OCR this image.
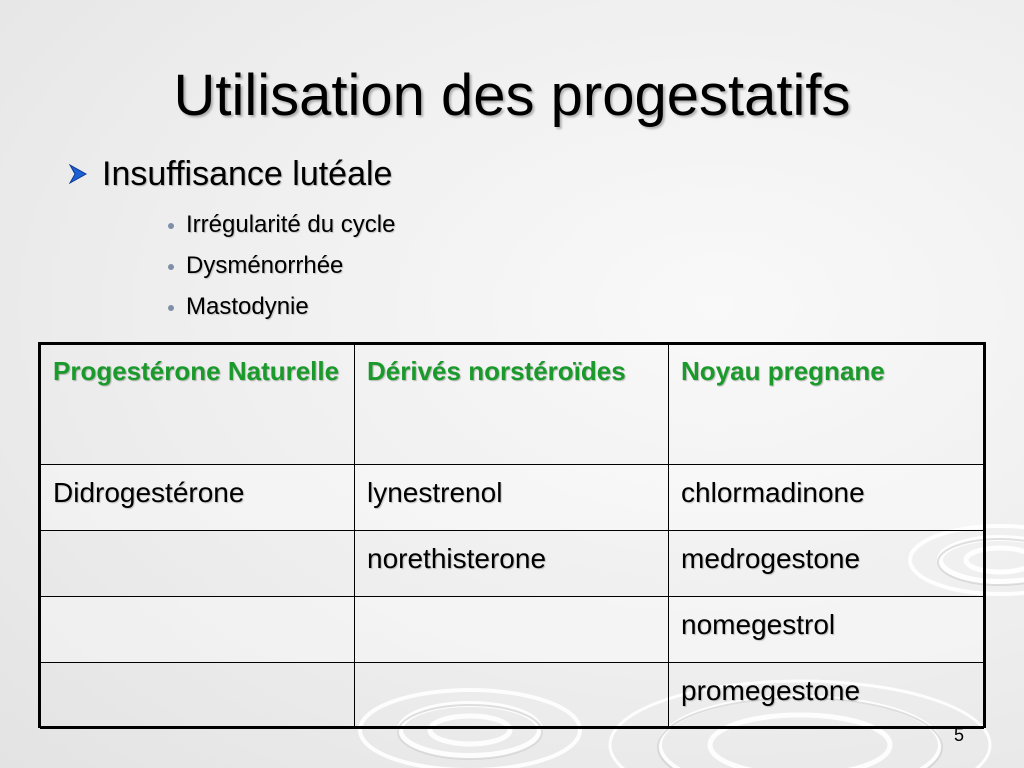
Utilisation des progestatifs
Insuffisance lutéale
Irrégularité du cycle
Dysménorrhée
Mastodynie
Progestérone Naturelle	Dérivés norstéroïdes	Noyau pregnane
Didrogestérone	lynestrenol	chlormadinone
	norethisterone	medrogestone
		nomegestrol
		promegestone
5
